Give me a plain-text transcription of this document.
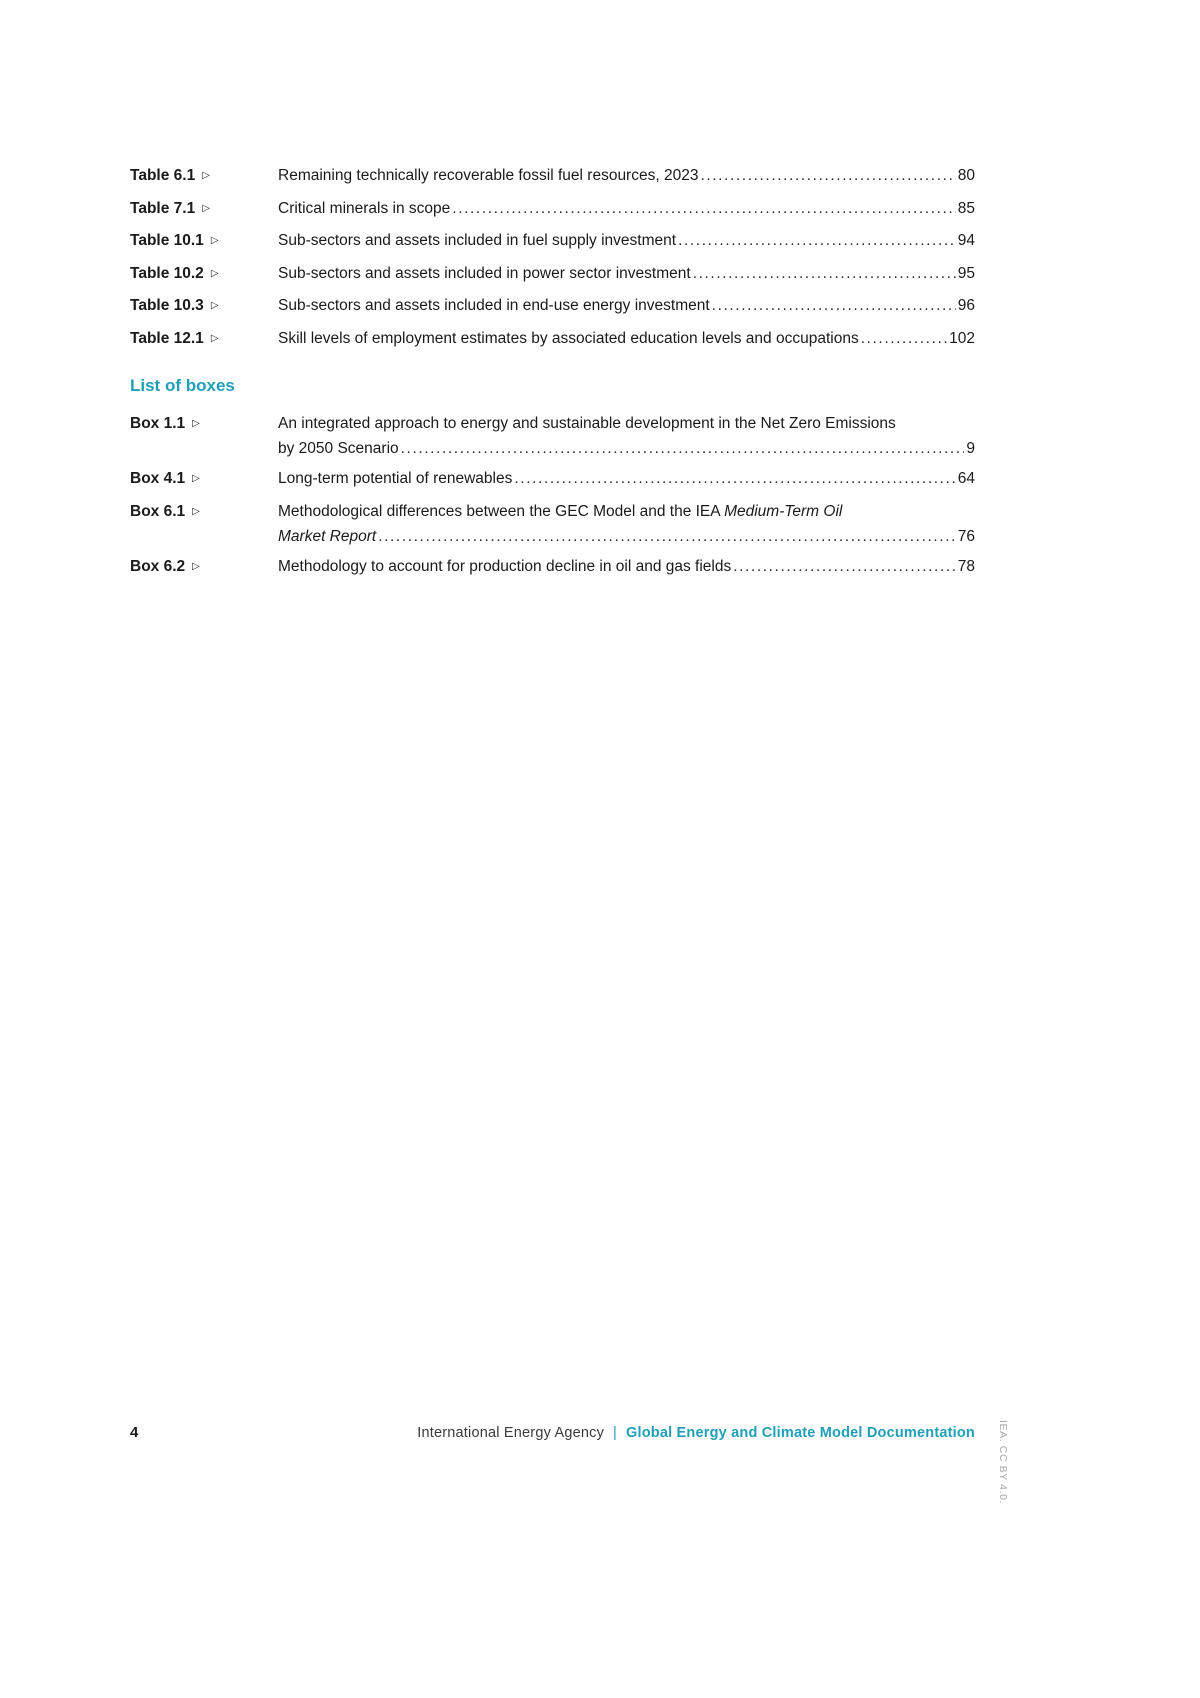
Table 6.1 ▷	Remaining technically recoverable fossil fuel resources, 2023 .....	80
Table 7.1 ▷	Critical minerals in scope .....	85
Table 10.1 ▷	Sub-sectors and assets included in fuel supply investment .....	94
Table 10.2 ▷	Sub-sectors and assets included in power sector investment .....	95
Table 10.3 ▷	Sub-sectors and assets included in end-use energy investment .....	96
Table 12.1 ▷	Skill levels of employment estimates by associated education levels and occupations .....	102
List of boxes
Box 1.1 ▷	An integrated approach to energy and sustainable development in the Net Zero Emissions
by 2050 Scenario .....	9
Box 4.1 ▷	Long-term potential of renewables .....	64
Box 6.1 ▷	Methodological differences between the GEC Model and the IEA Medium-Term Oil
Market Report .....	76
Box 6.2 ▷	Methodology to account for production decline in oil and gas fields .....	78
4	International Energy Agency | Global Energy and Climate Model Documentation IEA. CC BY 4.0.
